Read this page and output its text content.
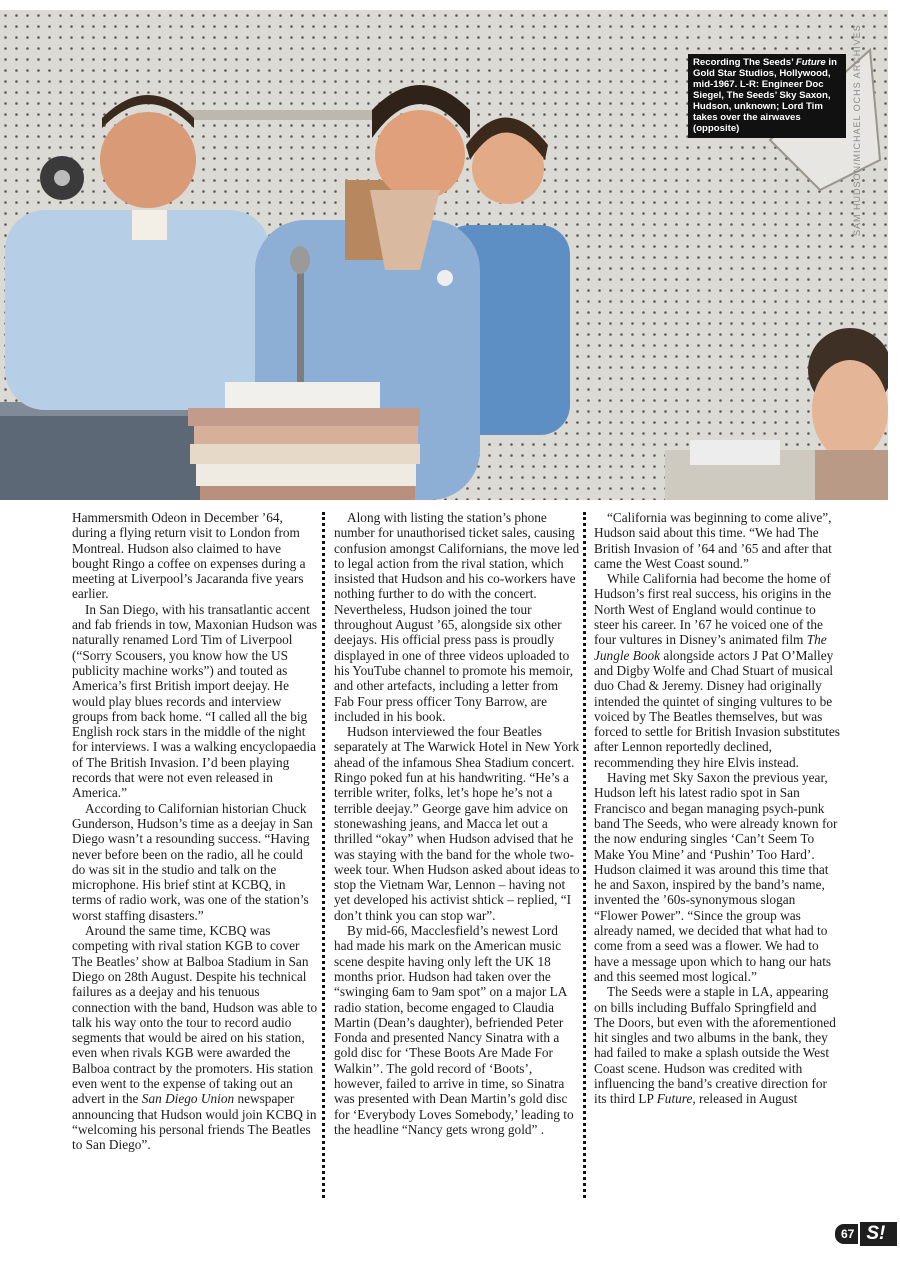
Recording The Seeds’ Future in Gold Star Studios, Hollywood, mid-1967. L-R: Engineer Doc Siegel, The Seeds’ Sky Saxon, Hudson, unknown; Lord Tim takes over the airwaves (opposite)	SAM HUDSON/MICHAEL OCHS ARCHIVES

Hammersmith Odeon in December ’64, during a flying return visit to London from Montreal. Hudson also claimed to have bought Ringo a coffee on expenses during a meeting at Liverpool’s Jacaranda five years earlier.

In San Diego, with his transatlantic accent and fab friends in tow, Maxonian Hudson was naturally renamed Lord Tim of Liverpool (“Sorry Scousers, you know how the US publicity machine works”) and touted as America’s first British import deejay. He would play blues records and interview groups from back home. “I called all the big English rock stars in the middle of the night for interviews. I was a walking encyclopaedia of The British Invasion. I’d been playing records that were not even released in America.”

According to Californian historian Chuck Gunderson, Hudson’s time as a deejay in San Diego wasn’t a resounding success. “Having never before been on the radio, all he could do was sit in the studio and talk on the microphone. His brief stint at KCBQ, in terms of radio work, was one of the station’s worst staffing disasters.”

Around the same time, KCBQ was competing with rival station KGB to cover The Beatles’ show at Balboa Stadium in San Diego on 28th August. Despite his technical failures as a deejay and his tenuous connection with the band, Hudson was able to talk his way onto the tour to record audio segments that would be aired on his station, even when rivals KGB were awarded the Balboa contract by the promoters. His station even went to the expense of taking out an advert in the San Diego Union newspaper announcing that Hudson would join KCBQ in “welcoming his personal friends The Beatles to San Diego”.

Along with listing the station’s phone number for unauthorised ticket sales, causing confusion amongst Californians, the move led to legal action from the rival station, which insisted that Hudson and his co-workers have nothing further to do with the concert. Nevertheless, Hudson joined the tour throughout August ’65, alongside six other deejays. His official press pass is proudly displayed in one of three videos uploaded to his YouTube channel to promote his memoir, and other artefacts, including a letter from Fab Four press officer Tony Barrow, are included in his book.

Hudson interviewed the four Beatles separately at The Warwick Hotel in New York ahead of the infamous Shea Stadium concert. Ringo poked fun at his handwriting. “He’s a terrible writer, folks, let’s hope he’s not a terrible deejay.” George gave him advice on stonewashing jeans, and Macca let out a thrilled “okay” when Hudson advised that he was staying with the band for the whole two-week tour. When Hudson asked about ideas to stop the Vietnam War, Lennon – having not yet developed his activist shtick – replied, “I don’t think you can stop war”.

By mid-66, Macclesfield’s newest Lord had made his mark on the American music scene despite having only left the UK 18 months prior. Hudson had taken over the “swinging 6am to 9am spot” on a major LA radio station, become engaged to Claudia Martin (Dean’s daughter), befriended Peter Fonda and presented Nancy Sinatra with a gold disc for ‘These Boots Are Made For Walkin’’. The gold record of ‘Boots’, however, failed to arrive in time, so Sinatra was presented with Dean Martin’s gold disc for ‘Everybody Loves Somebody,’ leading to the headline “Nancy gets wrong gold” .

“California was beginning to come alive”, Hudson said about this time. “We had The British Invasion of ’64 and ’65 and after that came the West Coast sound.”

While California had become the home of Hudson’s first real success, his origins in the North West of England would continue to steer his career. In ’67 he voiced one of the four vultures in Disney’s animated film The Jungle Book alongside actors J Pat O’Malley and Digby Wolfe and Chad Stuart of musical duo Chad & Jeremy. Disney had originally intended the quintet of singing vultures to be voiced by The Beatles themselves, but was forced to settle for British Invasion substitutes after Lennon reportedly declined, recommending they hire Elvis instead.

Having met Sky Saxon the previous year, Hudson left his latest radio spot in San Francisco and began managing psych-punk band The Seeds, who were already known for the now enduring singles ‘Can’t Seem To Make You Mine’ and ‘Pushin’ Too Hard’. Hudson claimed it was around this time that he and Saxon, inspired by the band’s name, invented the ’60s-synonymous slogan “Flower Power”. “Since the group was already named, we decided that what had to come from a seed was a flower. We had to have a message upon which to hang our hats and this seemed most logical.”

The Seeds were a staple in LA, appearing on bills including Buffalo Springfield and The Doors, but even with the aforementioned hit singles and two albums in the bank, they had failed to make a splash outside the West Coast scene. Hudson was credited with influencing the band’s creative direction for its third LP Future, released in August

67 S!
